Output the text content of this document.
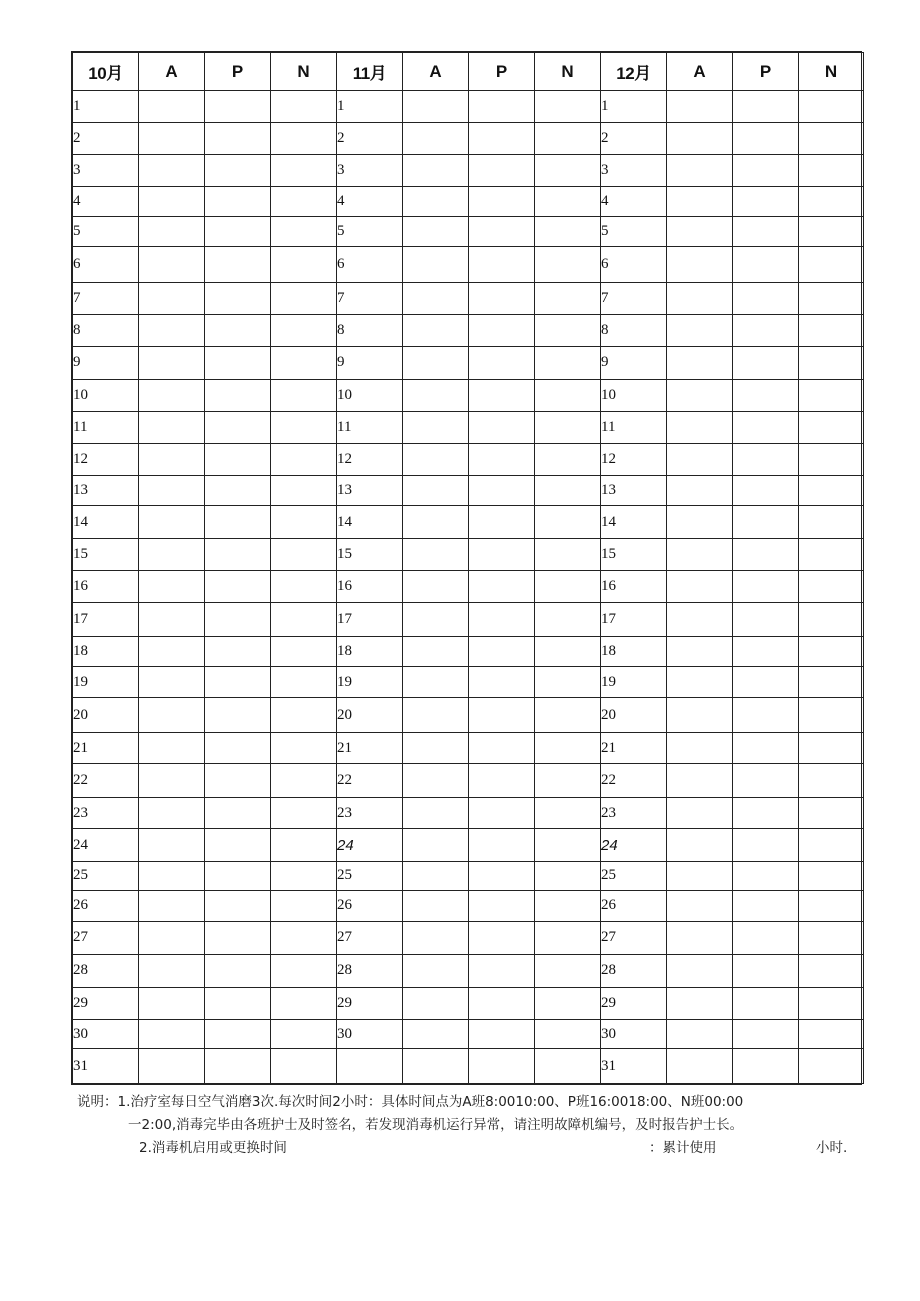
10月	A	P	N	11月	A	P	N	12月	A	P	N
1				1				1			
2				2				2			
3				3				3			
4				4				4			
5				5				5			
6				6				6			
7				7				7			
8				8				8			
9				9				9			
10				10				10			
11				11				11			
12				12				12			
13				13				13			
14				14				14			
15				15				15			
16				16				16			
17				17				17			
18				18				18			
19				19				19			
20				20				20			
21				21				21			
22				22				22			
23				23				23			
24				24				24			
25				25				25			
26				26				26			
27				27				27			
28				28				28			
29				29				29			
30				30				30			
31								31			
说明：1.治疗室每日空气消磨3次.每次时间2小时：具体时间点为A班8:0010:00、P班16:0018:00、N班00:00
一2:00,消毒完毕由各班护士及时签名，若发现消毒机运行异常，请注明故障机编号，及时报告护士长。
2.消毒机启用或更换时间	：累计使用	小时.
